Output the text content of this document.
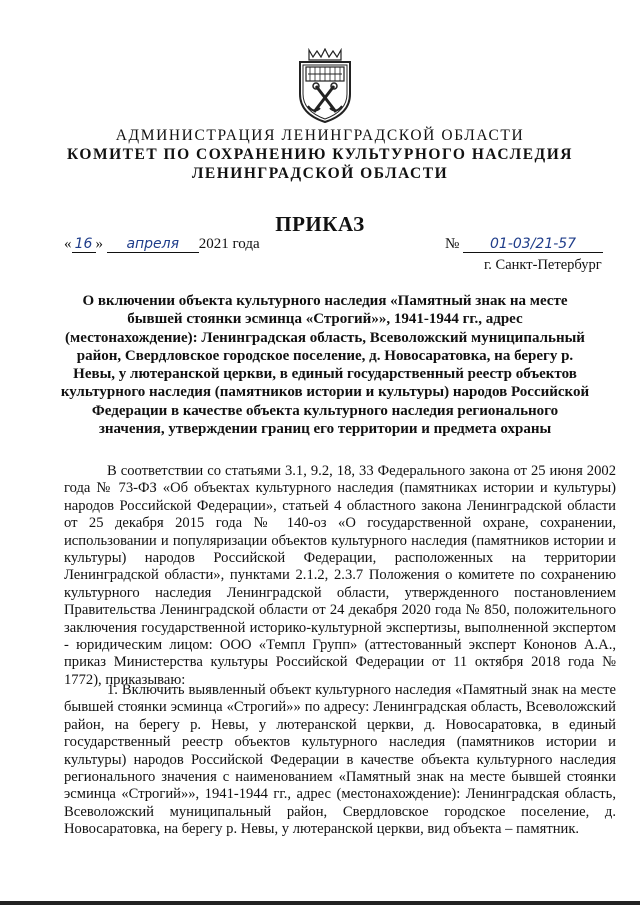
АДМИНИСТРАЦИЯ ЛЕНИНГРАДСКОЙ ОБЛАСТИ
КОМИТЕТ ПО СОХРАНЕНИЮ КУЛЬТУРНОГО НАСЛЕДИЯ
ЛЕНИНГРАДСКОЙ ОБЛАСТИ
ПРИКАЗ
« 16 » апреля 2021 года	№ 01-03/21-57
г. Санкт-Петербург
О включении объекта культурного наследия «Памятный знак на месте бывшей стоянки эсминца «Строгий»», 1941-1944 гг., адрес (местонахождение): Ленинградская область, Всеволожский муниципальный район, Свердловское городское поселение, д. Новосаратовка, на берегу р. Невы, у лютеранской церкви, в единый государственный реестр объектов культурного наследия (памятников истории и культуры) народов Российской Федерации в качестве объекта культурного наследия регионального значения, утверждении границ его территории и предмета охраны

В соответствии со статьями 3.1, 9.2, 18, 33 Федерального закона от 25 июня 2002 года № 73-ФЗ «Об объектах культурного наследия (памятниках истории и культуры) народов Российской Федерации», статьей 4 областного закона Ленинградской области от 25 декабря 2015 года № 140-оз «О государственной охране, сохранении, использовании и популяризации объектов культурного наследия (памятников истории и культуры) народов Российской Федерации, расположенных на территории Ленинградской области», пунктами 2.1.2, 2.3.7 Положения о комитете по сохранению культурного наследия Ленинградской области, утвержденного постановлением Правительства Ленинградской области от 24 декабря 2020 года № 850, положительного заключения государственной историко-культурной экспертизы, выполненной экспертом - юридическим лицом: ООО «Темпл Групп» (аттестованный эксперт Кононов А.А., приказ Министерства культуры Российской Федерации от 11 октября 2018 года № 1772), приказываю:

1. Включить выявленный объект культурного наследия «Памятный знак на месте бывшей стоянки эсминца «Строгий»» по адресу: Ленинградская область, Всеволожский район, на берегу р. Невы, у лютеранской церкви, д. Новосаратовка, в единый государственный реестр объектов культурного наследия (памятников истории и культуры) народов Российской Федерации в качестве объекта культурного наследия регионального значения с наименованием «Памятный знак на месте бывшей стоянки эсминца «Строгий»», 1941-1944 гг., адрес (местонахождение): Ленинградская область, Всеволожский муниципальный район, Свердловское городское поселение, д. Новосаратовка, на берегу р. Невы, у лютеранской церкви, вид объекта – памятник.
